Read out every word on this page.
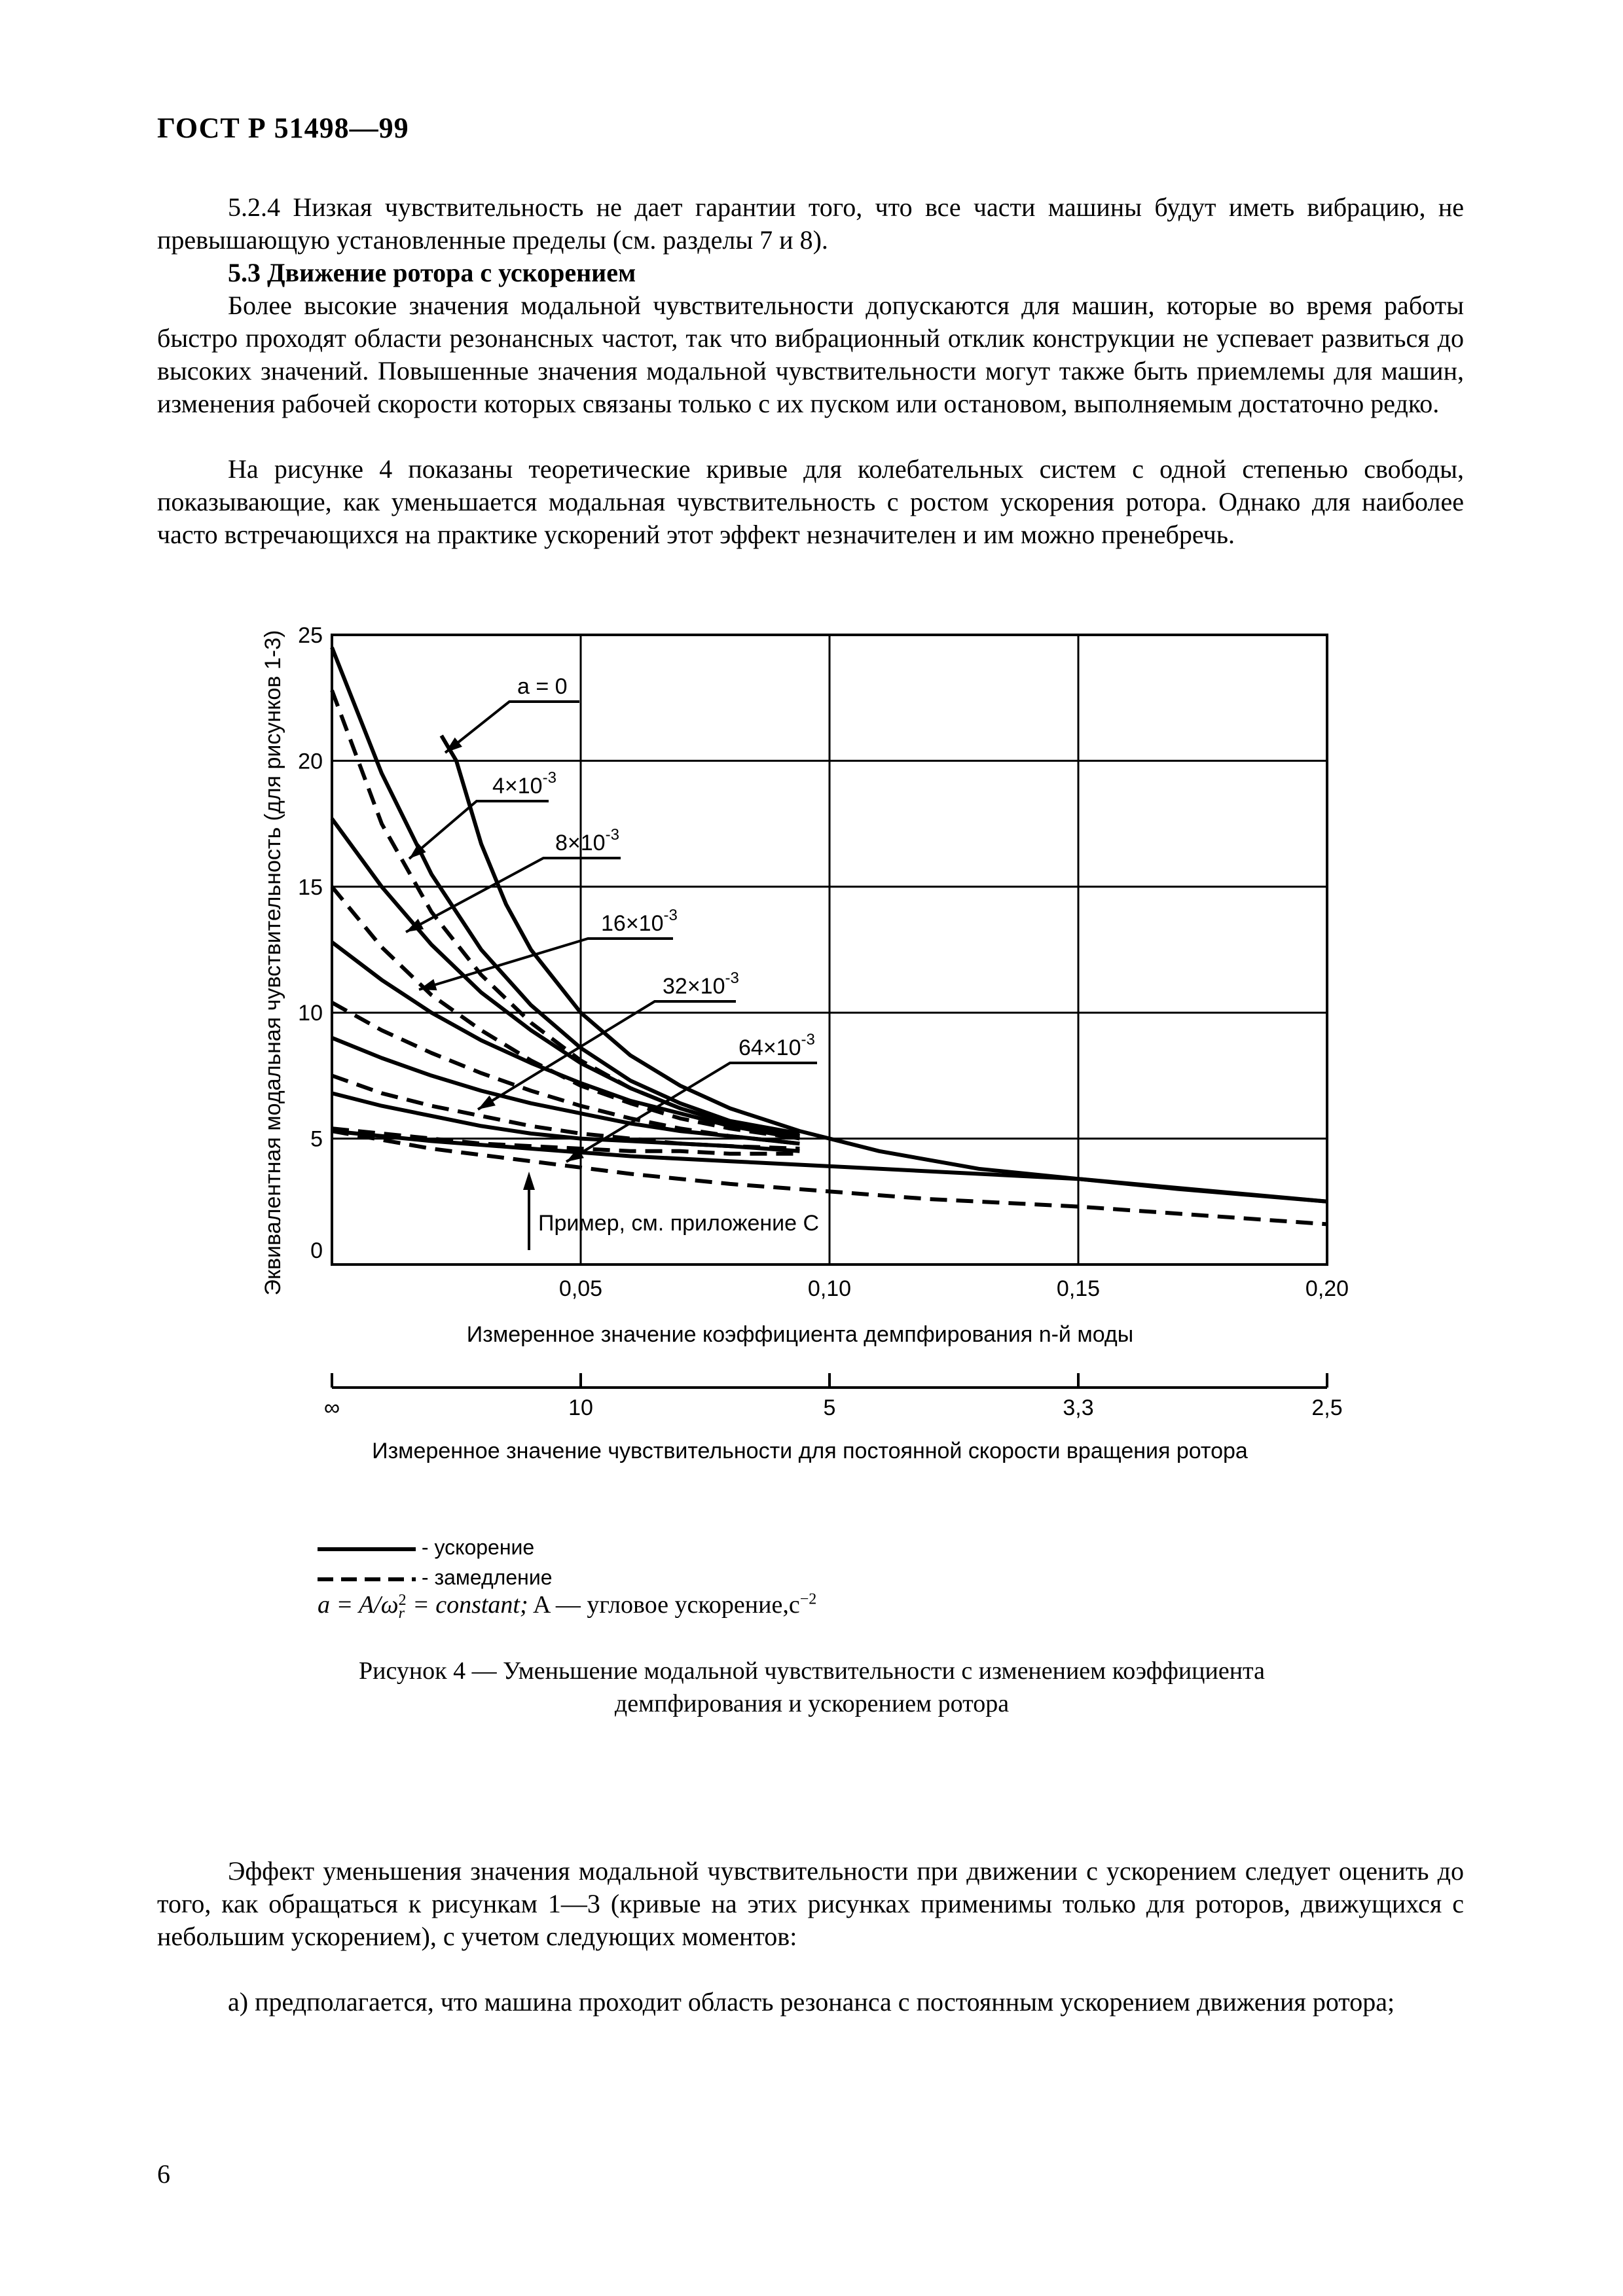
ГОСТ Р 51498—99
5.2.4 Низкая чувствительность не дает гарантии того, что все части машины будут иметь вибрацию, не превышающую установленные пределы (см. разделы 7 и 8).
5.3 Движение ротора с ускорением
Более высокие значения модальной чувствительности допускаются для машин, которые во время работы быстро проходят области резонансных частот, так что вибрационный отклик конструкции не успевает развиться до высоких значений. Повышенные значения модальной чувствительности могут также быть приемлемы для машин, изменения рабочей скорости которых связаны только с их пуском или остановом, выполняемым достаточно редко.
На рисунке 4 показаны теоретические кривые для колебательных систем с одной степенью свободы, показывающие, как уменьшается модальная чувствительность с ростом ускорения ротора. Однако для наиболее часто встречающихся на практике ускорений этот эффект незначителен и им можно пренебречь.
0
5
10
15
20
25
0,05	0,10	0,15	0,20
Измеренное значение коэффициента демпфирования n-й моды
Эквивалентная модальная чувствительность (для рисунков 1-3)	a = 0
$4\times 10^{-3}$
$8\times 10^{-3}$
$16\times 10^{-3}$
$32\times 10^{-3}$
$64\times 10^{-3}$
Пример, см. приложение С
∞	10	5	3,3	2,5
Измеренное значение чувствительности для постоянной скорости вращения ротора
- ускорение
- замедление
a = A/ω 2
r = constant; A — угловое $ускорение,с^{-2}$
Рисунок 4 — Уменьшение модальной чувствительности с изменением коэффициента
демпфирования и ускорением ротора
Эффект уменьшения значения модальной чувствительности при движении с ускорением следует оценить до того, как обращаться к рисункам 1—3 (кривые на этих рисунках применимы только для роторов, движущихся с небольшим ускорением), с учетом следующих моментов:
а) предполагается, что машина проходит область резонанса с постоянным ускорением движения ротора;
6
